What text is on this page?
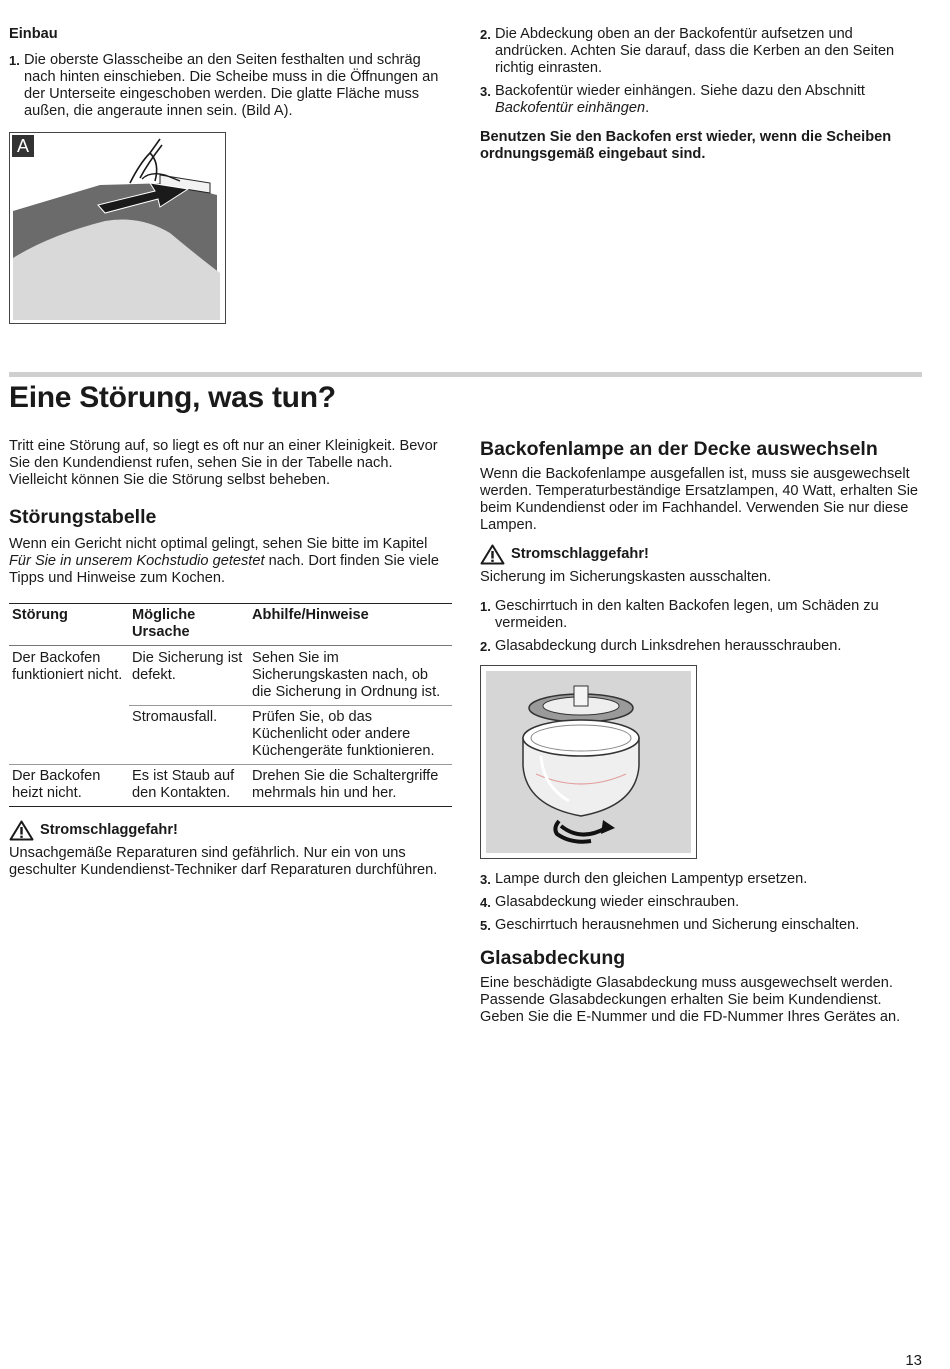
Einbau

1. Die oberste Glasscheibe an den Seiten festhalten und schräg nach hinten einschieben. Die Scheibe muss in die Öffnungen an der Unterseite eingeschoben werden. Die glatte Fläche muss außen, die angeraute innen sein. (Bild A).
A
2. Die Abdeckung oben an der Backofentür aufsetzen und andrücken. Achten Sie darauf, dass die Kerben an den Seiten richtig einrasten.
3. Backofentür wieder einhängen. Siehe dazu den Abschnitt Backofentür einhängen.

Benutzen Sie den Backofen erst wieder, wenn die Scheiben ordnungsgemäß eingebaut sind.

Eine Störung, was tun?

Tritt eine Störung auf, so liegt es oft nur an einer Kleinigkeit. Bevor Sie den Kundendienst rufen, sehen Sie in der Tabelle nach. Vielleicht können Sie die Störung selbst beheben.

Störungstabelle

Wenn ein Gericht nicht optimal gelingt, sehen Sie bitte im Kapitel Für Sie in unserem Kochstudio getestet nach. Dort finden Sie viele Tipps und Hinweise zum Kochen.

Störung	Mögliche Ursache	Abhilfe/Hinweise
Der Backofen funktioniert nicht.	Die Sicherung ist defekt.	Sehen Sie im Sicherungskasten nach, ob die Sicherung in Ordnung ist.
	Stromausfall.	Prüfen Sie, ob das Küchenlicht oder andere Küchengeräte funktionieren.
Der Backofen heizt nicht.	Es ist Staub auf den Kontakten.	Drehen Sie die Schaltergriffe mehrmals hin und her.
Stromschlaggefahr!

Unsachgemäße Reparaturen sind gefährlich. Nur ein von uns geschulter Kundendienst-Techniker darf Reparaturen durchführen.

Backofenlampe an der Decke auswechseln

Wenn die Backofenlampe ausgefallen ist, muss sie ausgewechselt werden. Temperaturbeständige Ersatzlampen, 40 Watt, erhalten Sie beim Kundendienst oder im Fachhandel. Verwenden Sie nur diese Lampen.

Stromschlaggefahr!

Sicherung im Sicherungskasten ausschalten.

1. Geschirrtuch in den kalten Backofen legen, um Schäden zu vermeiden.
2. Glasabdeckung durch Linksdrehen herausschrauben.
3. Lampe durch den gleichen Lampentyp ersetzen.
4. Glasabdeckung wieder einschrauben.
5. Geschirrtuch herausnehmen und Sicherung einschalten.
Glasabdeckung

Eine beschädigte Glasabdeckung muss ausgewechselt werden. Passende Glasabdeckungen erhalten Sie beim Kundendienst. Geben Sie die E-Nummer und die FD-Nummer Ihres Gerätes an.

13
